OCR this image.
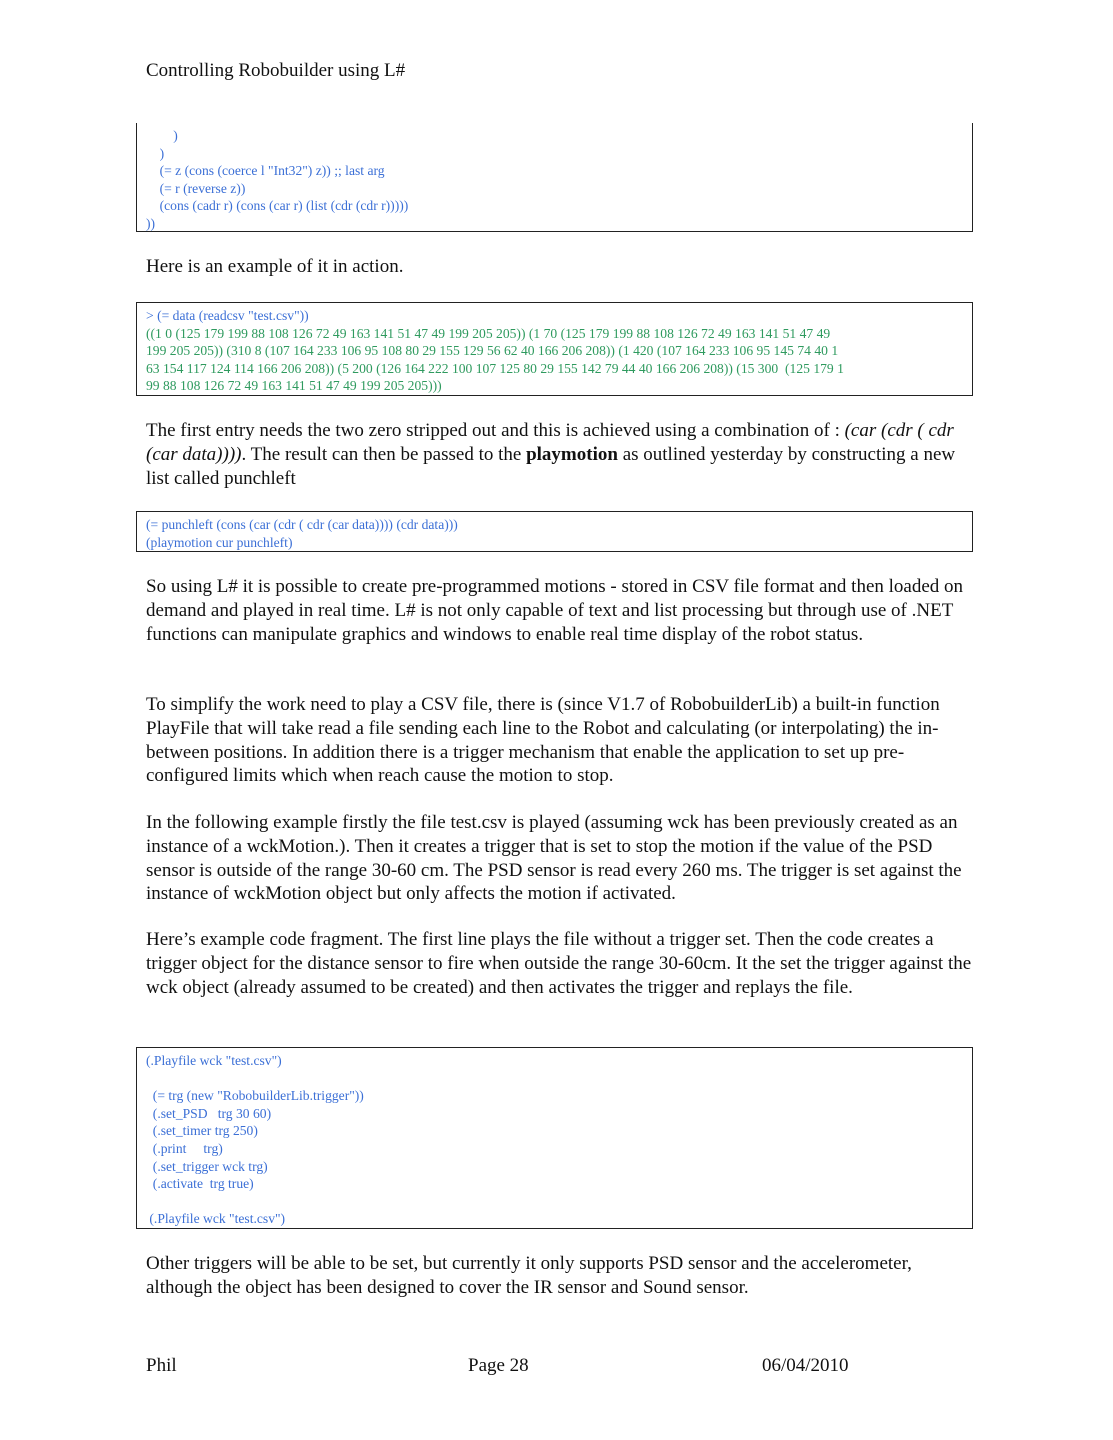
Controlling Robobuilder using L#
)
)
(= z (cons (coerce l "Int32") z)) ;; last arg
(= r (reverse z))
(cons (cadr r) (cons (car r) (list (cdr (cdr r)))))
))

Here is an example of it in action.

> (= data (readcsv "test.csv"))
((1 0 (125 179 199 88 108 126 72 49 163 141 51 47 49 199 205 205)) (1 70 (125 179 199 88 108 126 72 49 163 141 51 47 49
199 205 205)) (310 8 (107 164 233 106 95 108 80 29 155 129 56 62 40 166 206 208)) (1 420 (107 164 233 106 95 145 74 40 1
63 154 117 124 114 166 206 208)) (5 200 (126 164 222 100 107 125 80 29 155 142 79 44 40 166 206 208)) (15 300  (125 179 1
99 88 108 126 72 49 163 141 51 47 49 199 205 205)))

The first entry needs the two zero stripped out and this is achieved using a combination of : (car (cdr ( cdr (car data)))). The result can then be passed to the playmotion as outlined yesterday by constructing a new list called punchleft

(= punchleft (cons (car (cdr ( cdr (car data)))) (cdr data)))
(playmotion cur punchleft)

So using L# it is possible to create pre-programmed motions - stored in CSV file format and then loaded on demand and played in real time. L# is not only capable of text and list processing but through use of .NET functions can manipulate graphics and windows to enable real time display of the robot status.

To simplify the work need to play a CSV file, there is (since V1.7 of RobobuilderLib) a built-in function PlayFile that will take read a file sending each line to the Robot and calculating (or interpolating) the in-between positions. In addition there is a trigger mechanism that enable the application to set up pre-configured limits which when reach cause the motion to stop.

In the following example firstly the file test.csv is played (assuming wck has been previously created as an instance of a wckMotion.). Then it creates a trigger that is set to stop the motion if the value of the PSD sensor is outside of the range 30-60 cm. The PSD sensor is read every 260 ms. The trigger is set against the instance of wckMotion object but only affects the motion if activated.

Here’s example code fragment. The first line plays the file without a trigger set. Then the code creates a trigger object for the distance sensor to fire when outside the range 30-60cm. It the set the trigger against the wck object (already assumed to be created) and then activates the trigger and replays the file.

(.Playfile wck "test.csv")

(= trg (new "RobobuilderLib.trigger"))
(.set_PSD   trg 30 60)
(.set_timer trg 250)
(.print     trg)
(.set_trigger wck trg)
(.activate  trg true)

(.Playfile wck "test.csv")

Other triggers will be able to be set, but currently it only supports PSD sensor and the accelerometer, although the object has been designed to cover the IR sensor and Sound sensor.

Phil	Page 28	06/04/2010
